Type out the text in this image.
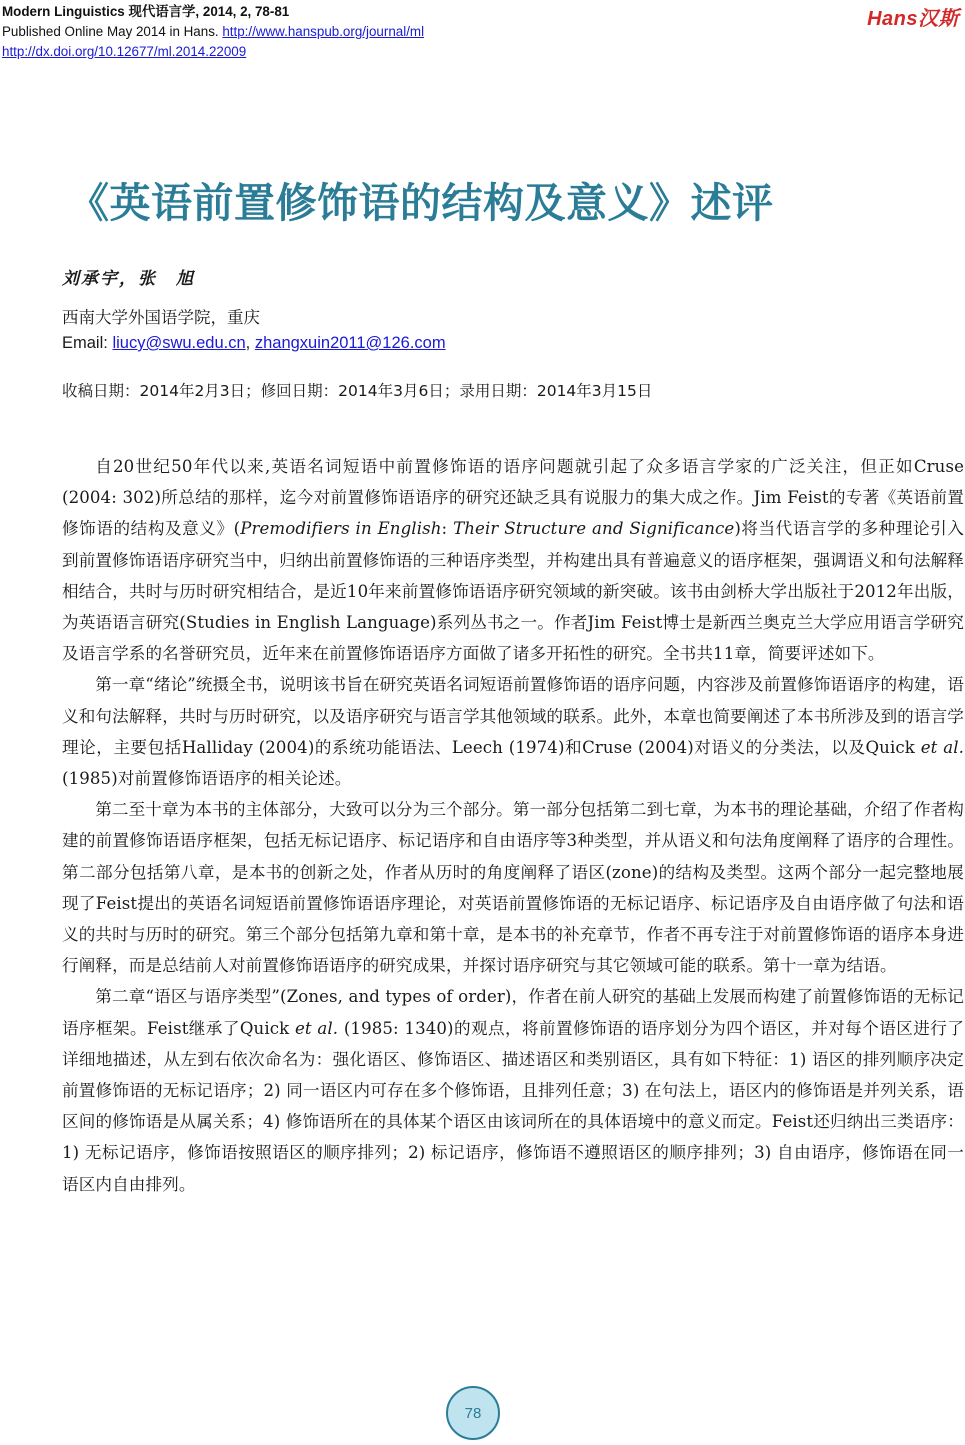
Modern Linguistics 现代语言学, 2014, 2, 78-81
Published Online May 2014 in Hans. http://www.hanspub.org/journal/ml
http://dx.doi.org/10.12677/ml.2014.22009
Hans汉斯
《英语前置修饰语的结构及意义》述评
刘承宇，张　旭
西南大学外国语学院，重庆
Email: liucy@swu.edu.cn, zhangxuin2011@126.com
收稿日期：2014年2月3日；修回日期：2014年3月6日；录用日期：2014年3月15日

自20世纪50年代以来,英语名词短语中前置修饰语的语序问题就引起了众多语言学家的广泛关注，但正如Cruse (2004: 302)所总结的那样，迄今对前置修饰语语序的研究还缺乏具有说服力的集大成之作。Jim Feist的专著《英语前置修饰语的结构及意义》(Premodifiers in English: Their Structure and Significance)将当代语言学的多种理论引入到前置修饰语语序研究当中，归纳出前置修饰语的三种语序类型，并构建出具有普遍意义的语序框架，强调语义和句法解释相结合，共时与历时研究相结合，是近10年来前置修饰语语序研究领域的新突破。该书由剑桥大学出版社于2012年出版，为英语语言研究(Studies in English Language)系列丛书之一。作者Jim Feist博士是新西兰奥克兰大学应用语言学研究及语言学系的名誉研究员，近年来在前置修饰语语序方面做了诸多开拓性的研究。全书共11章，简要评述如下。

第一章“绪论”统摄全书，说明该书旨在研究英语名词短语前置修饰语的语序问题，内容涉及前置修饰语语序的构建，语义和句法解释，共时与历时研究，以及语序研究与语言学其他领域的联系。此外，本章也简要阐述了本书所涉及到的语言学理论，主要包括Halliday (2004)的系统功能语法、Leech (1974)和Cruse (2004)对语义的分类法，以及Quick et al. (1985)对前置修饰语语序的相关论述。

第二至十章为本书的主体部分，大致可以分为三个部分。第一部分包括第二到七章，为本书的理论基础，介绍了作者构建的前置修饰语语序框架，包括无标记语序、标记语序和自由语序等3种类型，并从语义和句法角度阐释了语序的合理性。第二部分包括第八章，是本书的创新之处，作者从历时的角度阐释了语区(zone)的结构及类型。这两个部分一起完整地展现了Feist提出的英语名词短语前置修饰语语序理论，对英语前置修饰语的无标记语序、标记语序及自由语序做了句法和语义的共时与历时的研究。第三个部分包括第九章和第十章，是本书的补充章节，作者不再专注于对前置修饰语的语序本身进行阐释，而是总结前人对前置修饰语语序的研究成果，并探讨语序研究与其它领域可能的联系。第十一章为结语。

第二章“语区与语序类型”(Zones, and types of order)，作者在前人研究的基础上发展而构建了前置修饰语的无标记语序框架。Feist继承了Quick et al. (1985: 1340)的观点，将前置修饰语的语序划分为四个语区，并对每个语区进行了详细地描述，从左到右依次命名为：强化语区、修饰语区、描述语区和类别语区，具有如下特征：1) 语区的排列顺序决定前置修饰语的无标记语序；2) 同一语区内可存在多个修饰语，且排列任意；3) 在句法上，语区内的修饰语是并列关系，语区间的修饰语是从属关系；4) 修饰语所在的具体某个语区由该词所在的具体语境中的意义而定。Feist还归纳出三类语序：1) 无标记语序，修饰语按照语区的顺序排列；2) 标记语序，修饰语不遵照语区的顺序排列；3) 自由语序，修饰语在同一语区内自由排列。

78
